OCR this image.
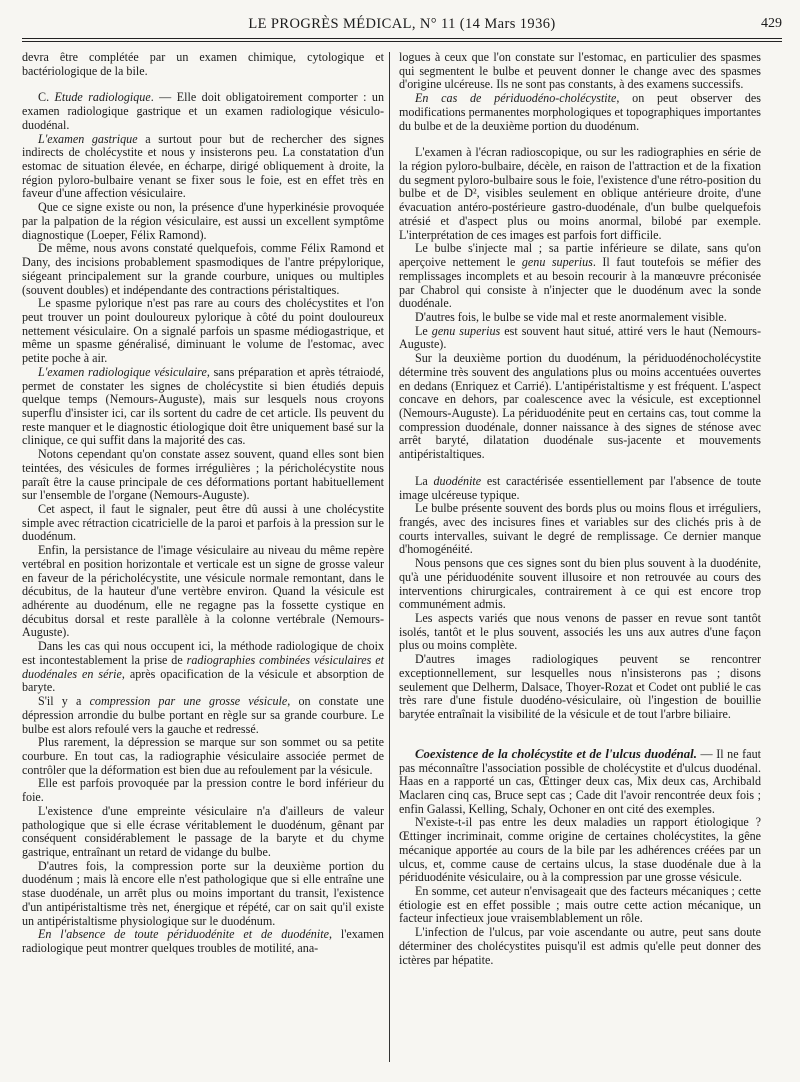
LE PROGRÈS MÉDICAL, N° 11 (14 Mars 1936)	429

devra être complétée par un examen chimique, cytologique et bactériologique de la bile.

C. Etude radiologique. — Elle doit obligatoirement comporter : un examen radiologique gastrique et un examen radiologique vésiculo-duodénal.

L'examen gastrique a surtout pour but de rechercher des signes indirects de cholécystite et nous y insisterons peu. La constatation d'un estomac de situation élevée, en écharpe, dirigé obliquement à droite, la région pyloro-bulbaire venant se fixer sous le foie, est en effet très en faveur d'une affection vésiculaire.

Que ce signe existe ou non, la présence d'une hyperkinésie provoquée par la palpation de la région vésiculaire, est aussi un excellent symptôme diagnostique (Loeper, Félix Ramond).

De même, nous avons constaté quelquefois, comme Félix Ramond et Dany, des incisions probablement spasmodiques de l'antre prépylorique, siégeant principalement sur la grande courbure, uniques ou multiples (souvent doubles) et indépendante des contractions péristaltiques.

Le spasme pylorique n'est pas rare au cours des cholécystites et l'on peut trouver un point douloureux pylorique à côté du point douloureux nettement vésiculaire. On a signalé parfois un spasme médiogastrique, et même un spasme généralisé, diminuant le volume de l'estomac, avec petite poche à air.

L'examen radiologique vésiculaire, sans préparation et après tétraiodé, permet de constater les signes de cholécystite si bien étudiés depuis quelque temps (Nemours-Auguste), mais sur lesquels nous croyons superflu d'insister ici, car ils sortent du cadre de cet article. Ils peuvent du reste manquer et le diagnostic étiologique doit être uniquement basé sur la clinique, ce qui suffit dans la majorité des cas.

Notons cependant qu'on constate assez souvent, quand elles sont bien teintées, des vésicules de formes irrégulières ; la péricholécystite nous paraît être la cause principale de ces déformations portant habituellement sur l'ensemble de l'organe (Nemours-Auguste).

Cet aspect, il faut le signaler, peut être dû aussi à une cholécystite simple avec rétraction cicatricielle de la paroi et parfois à la pression sur le duodénum.

Enfin, la persistance de l'image vésiculaire au niveau du même repère vertébral en position horizontale et verticale est un signe de grosse valeur en faveur de la péricholécystite, une vésicule normale remontant, dans le décubitus, de la hauteur d'une vertèbre environ. Quand la vésicule est adhérente au duodénum, elle ne regagne pas la fossette cystique en décubitus dorsal et reste parallèle à la colonne vertébrale (Nemours-Auguste).

Dans les cas qui nous occupent ici, la méthode radiologique de choix est incontestablement la prise de radiographies combinées vésiculaires et duodénales en série, après opacification de la vésicule et absorption de baryte.

S'il y a compression par une grosse vésicule, on constate une dépression arrondie du bulbe portant en règle sur sa grande courbure. Le bulbe est alors refoulé vers la gauche et redressé.

Plus rarement, la dépression se marque sur son sommet ou sa petite courbure. En tout cas, la radiographie vésiculaire associée permet de contrôler que la déformation est bien due au refoulement par la vésicule.

Elle est parfois provoquée par la pression contre le bord inférieur du foie.

L'existence d'une empreinte vésiculaire n'a d'ailleurs de valeur pathologique que si elle écrase véritablement le duodénum, gênant par conséquent considérablement le passage de la baryte et du chyme gastrique, entraînant un retard de vidange du bulbe.

D'autres fois, la compression porte sur la deuxième portion du duodénum ; mais là encore elle n'est pathologique que si elle entraîne une stase duodénale, un arrêt plus ou moins important du transit, l'existence d'un antipéristaltisme très net, énergique et répété, car on sait qu'il existe un antipéristaltisme physiologique sur le duodénum.

En l'absence de toute périduodénite et de duodénite, l'examen radiologique peut montrer quelques troubles de motilité, ana-

logues à ceux que l'on constate sur l'estomac, en particulier des spasmes qui segmentent le bulbe et peuvent donner le change avec des spasmes d'origine ulcéreuse. Ils ne sont pas constants, à des examens successifs.

En cas de périduodéno-cholécystite, on peut observer des modifications permanentes morphologiques et topographiques importantes du bulbe et de la deuxième portion du duodénum.

L'examen à l'écran radioscopique, ou sur les radiographies en série de la région pyloro-bulbaire, décèle, en raison de l'attraction et de la fixation du segment pyloro-bulbaire sous le foie, l'existence d'une rétro-position du bulbe et de D², visibles seulement en oblique antérieure droite, d'une évacuation antéro-postérieure gastro-duodénale, d'un bulbe quelquefois atrésié et d'aspect plus ou moins anormal, bilobé par exemple. L'interprétation de ces images est parfois fort difficile.

Le bulbe s'injecte mal ; sa partie inférieure se dilate, sans qu'on aperçoive nettement le genu superius. Il faut toutefois se méfier des remplissages incomplets et au besoin recourir à la manœuvre préconisée par Chabrol qui consiste à n'injecter que le duodénum avec la sonde duodénale.

D'autres fois, le bulbe se vide mal et reste anormalement visible.

Le genu superius est souvent haut situé, attiré vers le haut (Nemours-Auguste).

Sur la deuxième portion du duodénum, la périduodénocholécystite détermine très souvent des angulations plus ou moins accentuées ouvertes en dedans (Enriquez et Carrié). L'antipéristaltisme y est fréquent. L'aspect concave en dehors, par coalescence avec la vésicule, est exceptionnel (Nemours-Auguste). La périduodénite peut en certains cas, tout comme la compression duodénale, donner naissance à des signes de sténose avec arrêt baryté, dilatation duodénale sus-jacente et mouvements antipéristaltiques.

La duodénite est caractérisée essentiellement par l'absence de toute image ulcéreuse typique.

Le bulbe présente souvent des bords plus ou moins flous et irréguliers, frangés, avec des incisures fines et variables sur des clichés pris à de courts intervalles, suivant le degré de remplissage. Ce dernier manque d'homogénéité.

Nous pensons que ces signes sont du bien plus souvent à la duodénite, qu'à une périduodénite souvent illusoire et non retrouvée au cours des interventions chirurgicales, contrairement à ce qui est encore trop communément admis.

Les aspects variés que nous venons de passer en revue sont tantôt isolés, tantôt et le plus souvent, associés les uns aux autres d'une façon plus ou moins complète.

D'autres images radiologiques peuvent se rencontrer exceptionnellement, sur lesquelles nous n'insisterons pas ; disons seulement que Delherm, Dalsace, Thoyer-Rozat et Codet ont publié le cas très rare d'une fistule duodéno-vésiculaire, où l'ingestion de bouillie barytée entraînait la visibilité de la vésicule et de tout l'arbre biliaire.

Coexistence de la cholécystite et de l'ulcus duodénal. — Il ne faut pas méconnaître l'association possible de cholécystite et d'ulcus duodénal. Haas en a rapporté un cas, Œttinger deux cas, Mix deux cas, Archibald Maclaren cinq cas, Bruce sept cas ; Cade dit l'avoir rencontrée deux fois ; enfin Galassi, Kelling, Schaly, Ochoner en ont cité des exemples.

N'existe-t-il pas entre les deux maladies un rapport étiologique ? Œttinger incriminait, comme origine de certaines cholécystites, la gêne mécanique apportée au cours de la bile par les adhérences créées par un ulcus, et, comme cause de certains ulcus, la stase duodénale due à la périduodénite vésiculaire, ou à la compression par une grosse vésicule.

En somme, cet auteur n'envisageait que des facteurs mécaniques ; cette étiologie est en effet possible ; mais outre cette action mécanique, un facteur infectieux joue vraisemblablement un rôle.

L'infection de l'ulcus, par voie ascendante ou autre, peut sans doute déterminer des cholécystites puisqu'il est admis qu'elle peut donner des ictères par hépatite.
